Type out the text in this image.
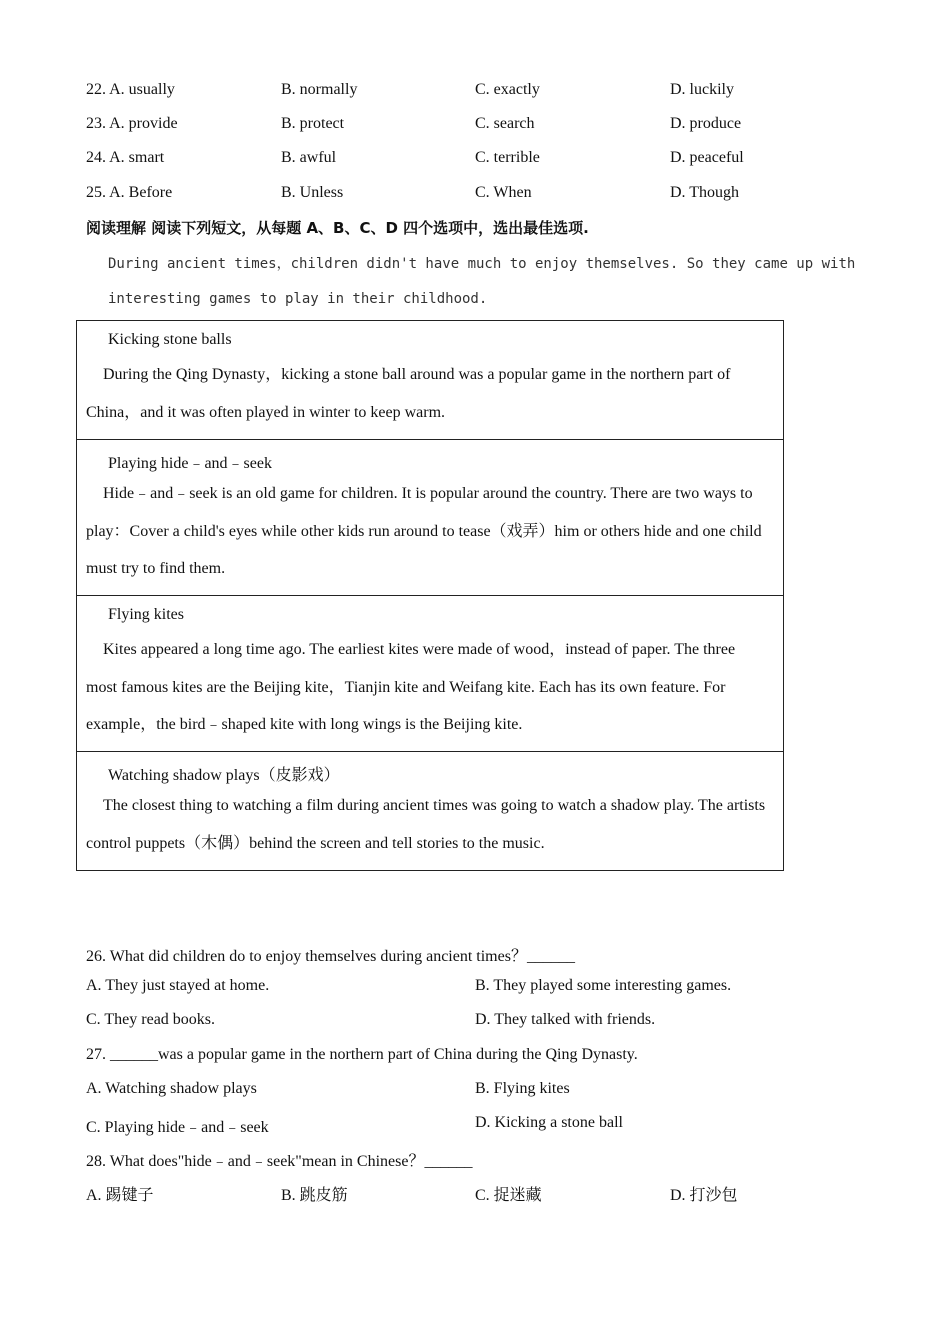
22. A. usually	B. normally	C. exactly	D. luckily
23. A. provide	B. protect	C. search	D. produce
24. A. smart	B. awful	C. terrible	D. peaceful
25. A. Before	B. Unless	C. When	D. Though
阅读理解 阅读下列短文，从每题 A、B、C、D 四个选项中，选出最佳选项.
During ancient times，children didn't have much to enjoy themselves. So they came up with
interesting games to play in their childhood.
Kicking stone balls
During the Qing Dynasty，kicking a stone ball around was a popular game in the northern part of China，and it was often played in winter to keep warm.
Playing hide﹣and﹣seek
Hide﹣and﹣seek is an old game for children. It is popular around the country. There are two ways to play：Cover a child's eyes while other kids run around to tease（戏弄）him or others hide and one child must try to find them.
Flying kites
Kites appeared a long time ago. The earliest kites were made of wood，instead of paper. The three most famous kites are the Beijing kite，Tianjin kite and Weifang kite. Each has its own feature. For example，the bird﹣shaped kite with long wings is the Beijing kite.
Watching shadow plays（皮影戏）
The closest thing to watching a film during ancient times was going to watch a shadow play. The artists control puppets（木偶）behind the screen and tell stories to the music.
26. What did children do to enjoy themselves during ancient times？______
A. They just stayed at home.	B. They played some interesting games.
C. They read books.	D. They talked with friends.
27. ______was a popular game in the northern part of China during the Qing Dynasty.
A. Watching shadow plays	B. Flying kites
C. Playing hide﹣and﹣seek	D. Kicking a stone ball
28. What does"hide﹣and﹣seek"mean in Chinese？______
A. 踢键子	B. 跳皮筋	C. 捉迷藏	D. 打沙包
